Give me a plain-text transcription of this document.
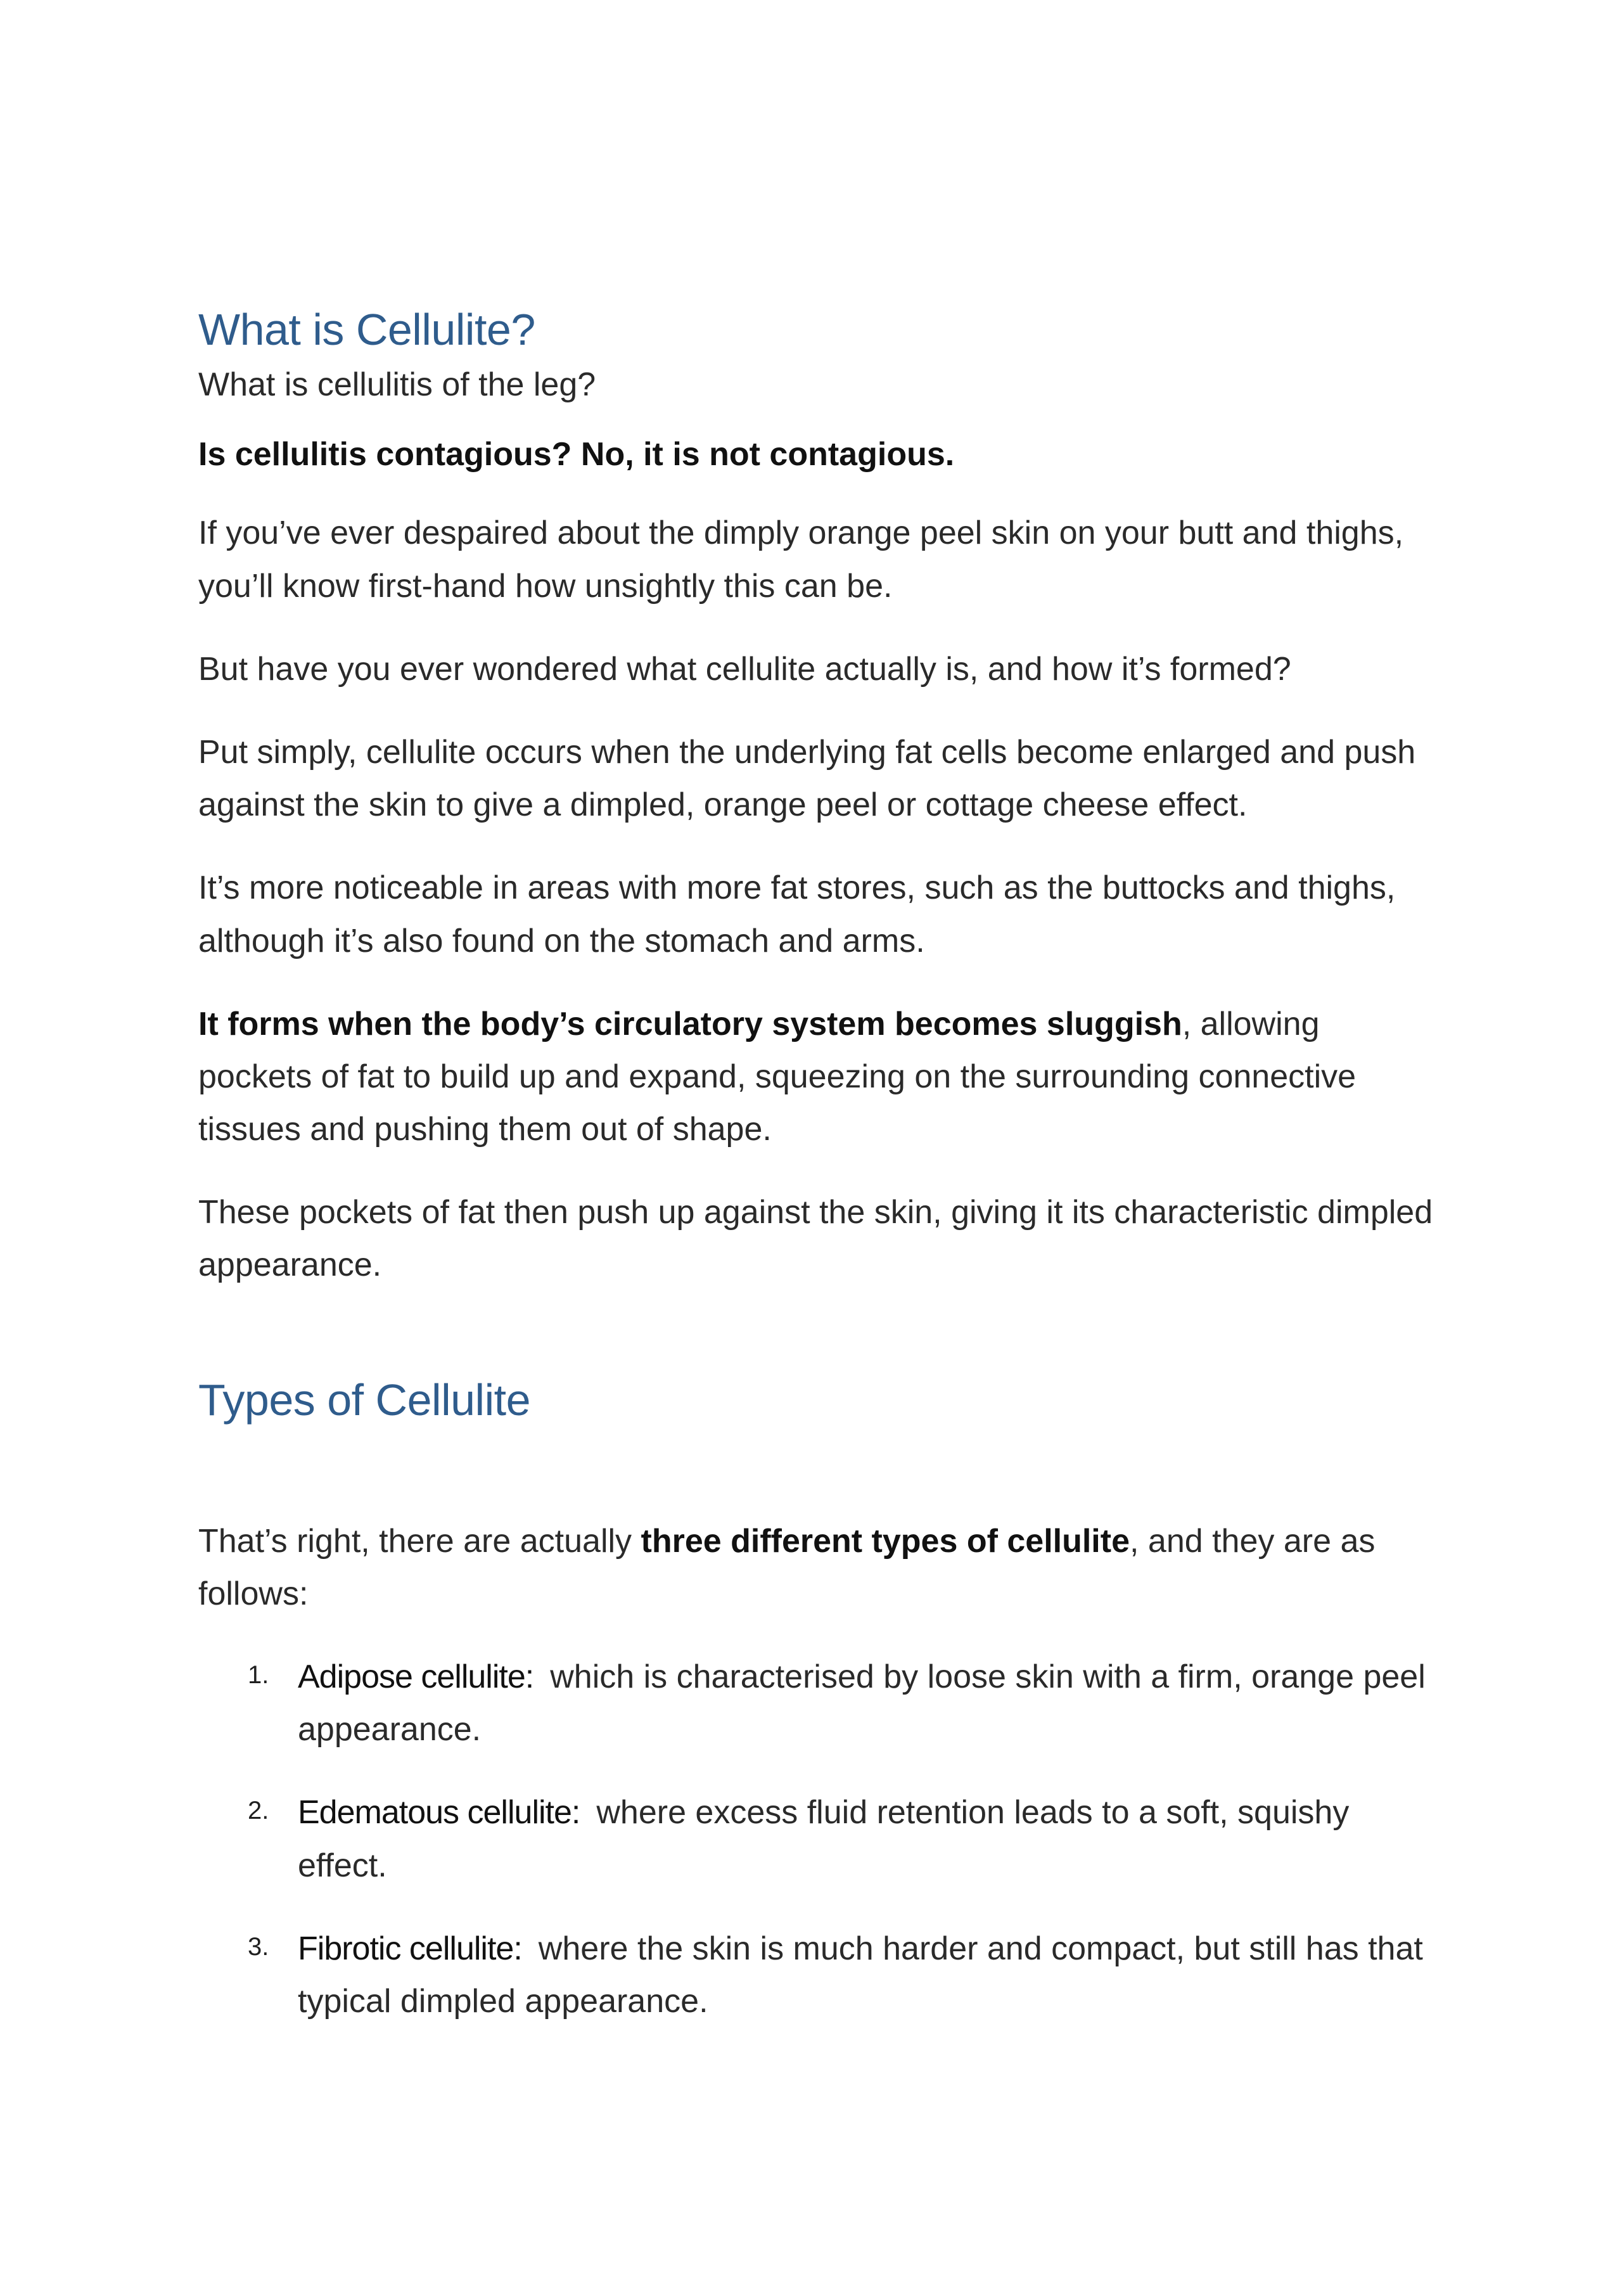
What is Cellulite?

What is cellulitis of the leg?

Is cellulitis contagious? No, it is not contagious.

If you’ve ever despaired about the dimply orange peel skin on your butt and thighs, you’ll know first-hand how unsightly this can be.

But have you ever wondered what cellulite actually is, and how it’s formed?

Put simply, cellulite occurs when the underlying fat cells become enlarged and push against the skin to give a dimpled, orange peel or cottage cheese effect.

It’s more noticeable in areas with more fat stores, such as the buttocks and thighs, although it’s also found on the stomach and arms.

It forms when the body’s circulatory system becomes sluggish, allowing pockets of fat to build up and expand, squeezing on the surrounding connective tissues and pushing them out of shape.

These pockets of fat then push up against the skin, giving it its characteristic dimpled appearance.

Types of Cellulite

That’s right, there are actually three different types of cellulite, and they are as follows:

1. Adipose cellulite: which is characterised by loose skin with a firm, orange peel appearance.
2. Edematous cellulite: where excess fluid retention leads to a soft, squishy effect.
3. Fibrotic cellulite: where the skin is much harder and compact, but still has that typical dimpled appearance.
